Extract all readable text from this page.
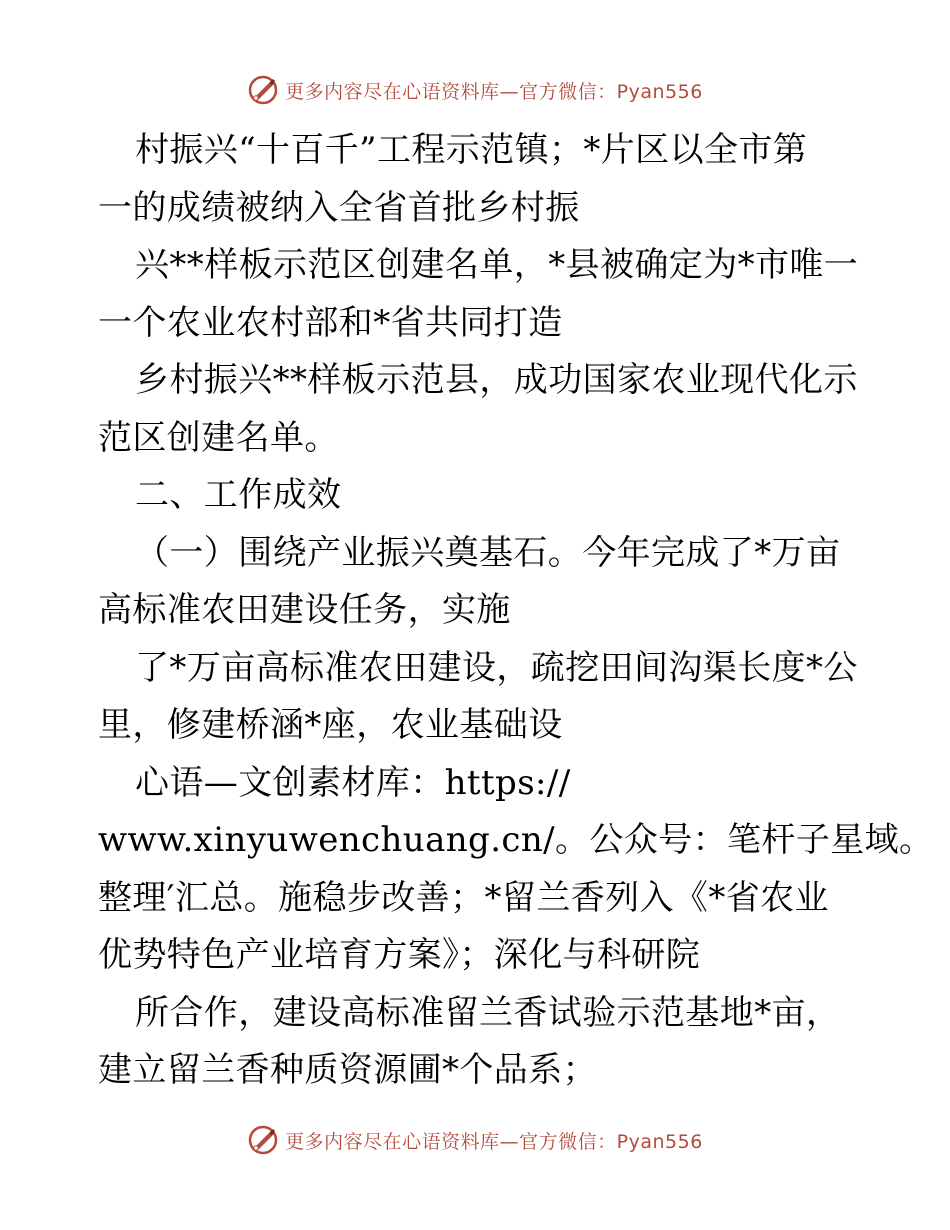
更多内容尽在心语资料库—官方微信：Pyan556
村振兴“十百千”工程示范镇；*片区以全市第
一的成绩被纳入全省首批乡村振
兴**样板示范区创建名单，*县被确定为*市唯一
一个农业农村部和*省共同打造
乡村振兴**样板示范县，成功国家农业现代化示
范区创建名单。
二、工作成效
（一）围绕产业振兴奠基石。今年完成了*万亩
高标准农田建设任务，实施
了*万亩高标准农田建设，疏挖田间沟渠长度*公
里，修建桥涵*座，农业基础设
心语—文创素材库：https://
www.xinyuwenchuang.cn/。公众号：笔杆子星域。
整理′汇总。施稳步改善；*留兰香列入《*省农业
优势特色产业培育方案》；深化与科研院
所合作，建设高标准留兰香试验示范基地*亩，
建立留兰香种质资源圃*个品系；
更多内容尽在心语资料库—官方微信：Pyan556
